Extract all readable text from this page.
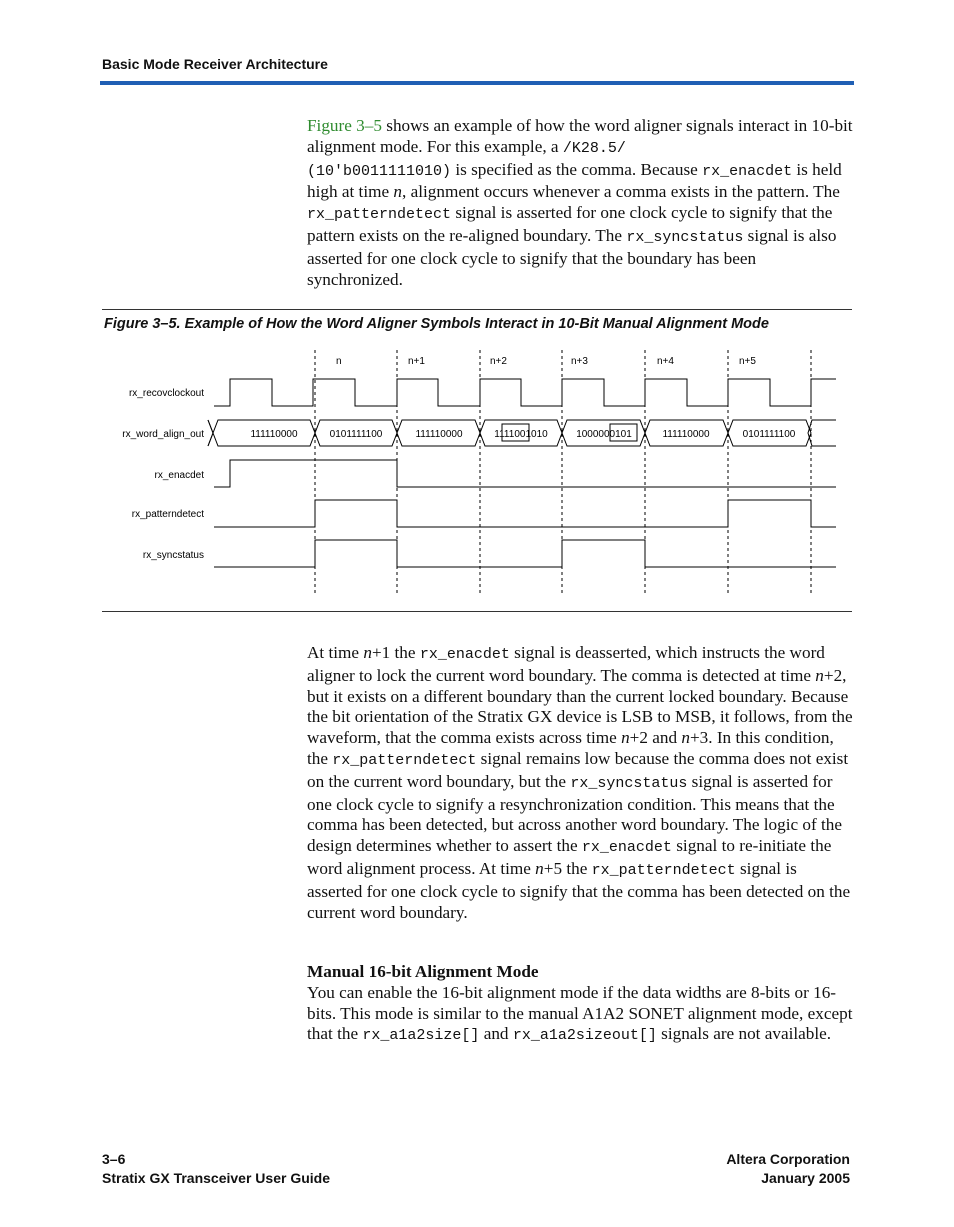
Basic Mode Receiver Architecture

Figure 3–5 shows an example of how the word aligner signals interact in 10-bit alignment mode. For this example, a /K28.5/
(10'b0011111010) is specified as the comma. Because rx_enacdet is held high at time n, alignment occurs whenever a comma exists in the pattern. The rx_patterndetect signal is asserted for one clock cycle to signify that the pattern exists on the re-aligned boundary. The rx_syncstatus signal is also asserted for one clock cycle to signify that the boundary has been synchronized.

Figure 3–5. Example of How the Word Aligner Symbols Interact in 10-Bit Manual Alignment Mode
n	n+1	n+2	n+3	n+4	n+5
rx_recovclockout
rx_word_align_out
rx_enacdet
rx_patterndetect
rx_syncstatus
111110000	0101111100	111110000	1111001010	1000000101	111110000	0101111100

At time n+1 the rx_enacdet signal is deasserted, which instructs the word aligner to lock the current word boundary. The comma is detected at time n+2, but it exists on a different boundary than the current locked boundary. Because the bit orientation of the Stratix GX device is LSB to MSB, it follows, from the waveform, that the comma exists across time n+2 and n+3. In this condition, the rx_patterndetect signal remains low because the comma does not exist on the current word boundary, but the rx_syncstatus signal is asserted for one clock cycle to signify a resynchronization condition. This means that the comma has been detected, but across another word boundary. The logic of the design determines whether to assert the rx_enacdet signal to re-initiate the word alignment process. At time n+5 the rx_patterndetect signal is asserted for one clock cycle to signify that the comma has been detected on the current word boundary.

Manual 16-bit Alignment Mode

You can enable the 16-bit alignment mode if the data widths are 8-bits or 16-bits. This mode is similar to the manual A1A2 SONET alignment mode, except that the rx_a1a2size[] and rx_a1a2sizeout[] signals are not available.

3–6
Stratix GX Transceiver User Guide
Altera Corporation
January 2005
